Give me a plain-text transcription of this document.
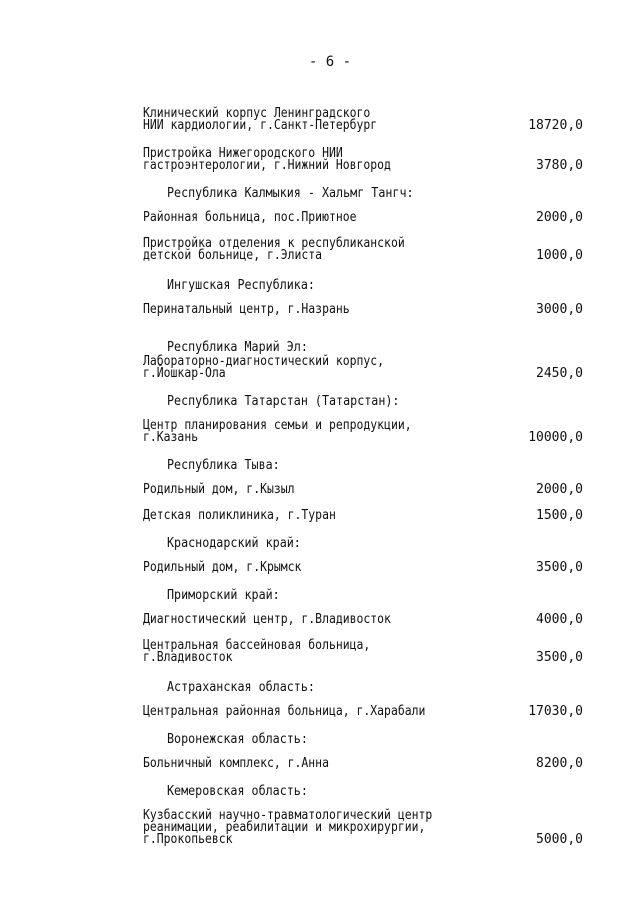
- 6 -
Клинический корпус Ленинградского
НИИ кардиологии, г.Санкт-Петербург	18720,0
Пристройка Нижегородского НИИ
гастроэнтерологии, г.Нижний Новгород	3780,0
Республика Калмыкия - Хальмг Тангч:
Районная больница, пос.Приютное	2000,0
Пристройка отделения к республиканской
детской больнице, г.Элиста	1000,0
Ингушская Республика:
Перинатальный центр, г.Назрань	3000,0
Республика Марий Эл:
Лабораторно-диагностический корпус,
г.Йошкар-Ола	2450,0
Республика Татарстан (Татарстан):
Центр планирования семьи и репродукции,
г.Казань	10000,0
Республика Тыва:
Родильный дом, г.Кызыл	2000,0
Детская поликлиника, г.Туран	1500,0
Краснодарский край:
Родильный дом, г.Крымск	3500,0
Приморский край:
Диагностический центр, г.Владивосток	4000,0
Центральная бассейновая больница,
г.Владивосток	3500,0
Астраханская область:
Центральная районная больница, г.Харабали	17030,0
Воронежская область:
Больничный комплекс, г.Анна	8200,0
Кемеровская область:
Кузбасский научно-травматологический центр
реанимации, реабилитации и микрохирургии,
г.Прокопьевск	5000,0
